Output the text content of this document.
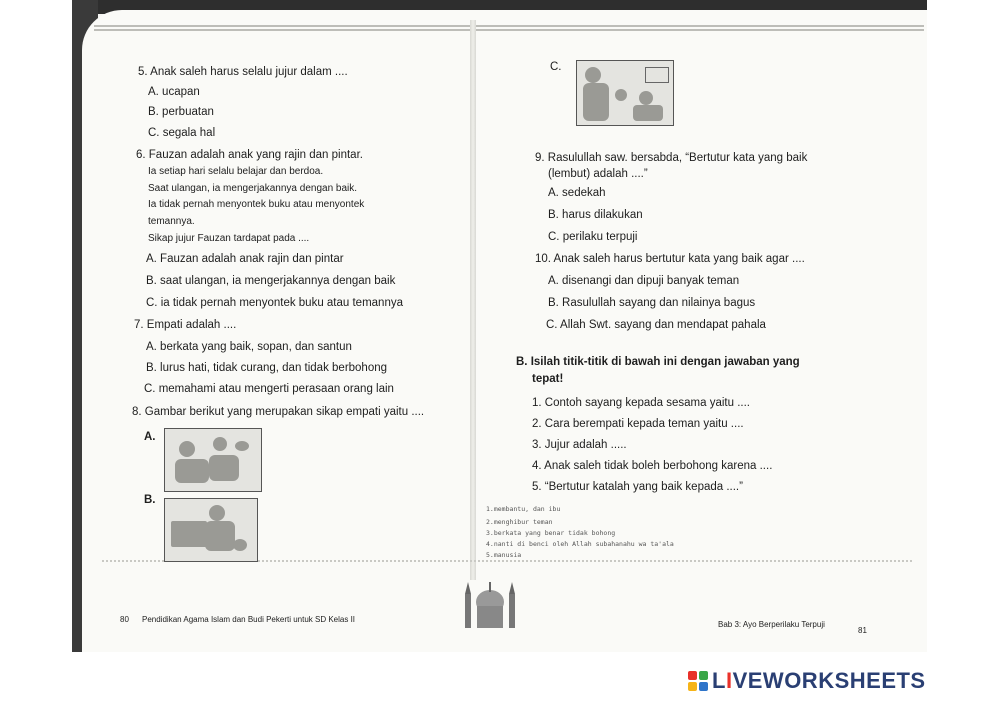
5. Anak saleh harus selalu jujur dalam ....
A. ucapan
B. perbuatan
C. segala hal
6. Fauzan adalah anak yang rajin dan pintar.
Ia setiap hari selalu belajar dan berdoa.
Saat ulangan, ia mengerjakannya dengan baik.
Ia tidak pernah menyontek buku atau menyontek
temannya.
Sikap jujur Fauzan tardapat pada ....
A. Fauzan adalah anak rajin dan pintar
B. saat ulangan, ia mengerjakannya dengan baik
C. ia tidak pernah menyontek buku atau temannya
7. Empati adalah ....
A. berkata yang baik, sopan, dan santun
B. lurus hati, tidak curang, dan tidak berbohong
C. memahami atau mengerti perasaan orang lain
8. Gambar berikut yang merupakan sikap empati yaitu ....
A.
B.
80 Pendidikan Agama Islam dan Budi Pekerti untuk SD Kelas II
C.
9. Rasulullah saw. bersabda, “Bertutur kata yang baik
(lembut) adalah ....”
A. sedekah
B. harus dilakukan
C. perilaku terpuji
10. Anak saleh harus bertutur kata yang baik agar ....
A. disenangi dan dipuji banyak teman
B. Rasulullah sayang dan nilainya bagus
C. Allah Swt. sayang dan mendapat pahala
B. Isilah titik-titik di bawah ini dengan jawaban yang
tepat!
1. Contoh sayang kepada sesama yaitu ....
2. Cara berempati kepada teman yaitu ....
3. Jujur adalah .....
4. Anak saleh tidak boleh berbohong karena ....
5. “Bertutur katalah yang baik kepada ....”
1.membantu, dan ibu
2.menghibur teman
3.berkata yang benar tidak bohong
4.nanti di benci oleh Allah subahanahu wa ta'ala
5.manusia
Bab 3: Ayo Berperilaku Terpuji
81
LIVEWORKSHEETS
